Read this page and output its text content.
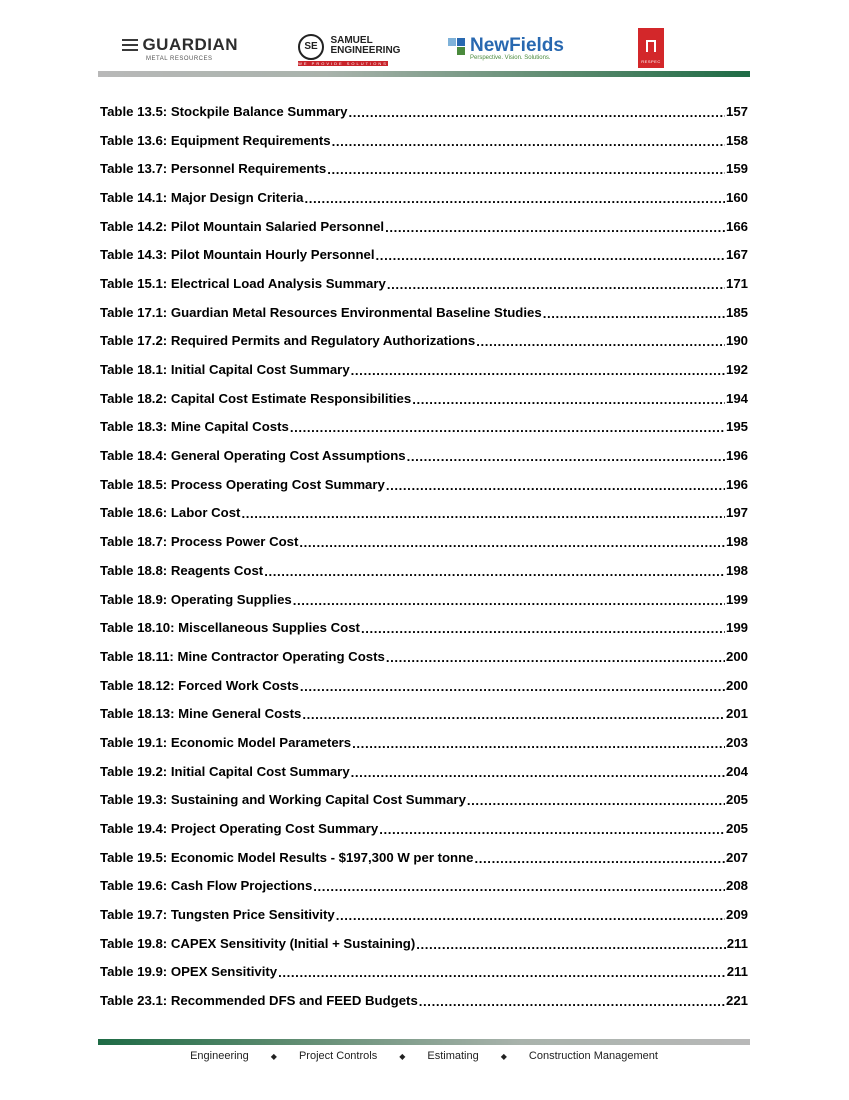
GUARDIAN
METAL RESOURCES
SE SAMUEL ENGINEERING
WE PROVIDE SOLUTIONS
NewFields
Perspective. Vision. Solutions.
RESPEC
Table 13.5: Stockpile Balance Summary .....	157
Table 13.6: Equipment Requirements .....	158
Table 13.7: Personnel Requirements .....	159
Table 14.1: Major Design Criteria .....	160
Table 14.2: Pilot Mountain Salaried Personnel .....	166
Table 14.3: Pilot Mountain Hourly Personnel .....	167
Table 15.1: Electrical Load Analysis Summary .....	171
Table 17.1: Guardian Metal Resources Environmental Baseline Studies .....	185
Table 17.2: Required Permits and Regulatory Authorizations .....	190
Table 18.1: Initial Capital Cost Summary .....	192
Table 18.2: Capital Cost Estimate Responsibilities .....	194
Table 18.3: Mine Capital Costs .....	195
Table 18.4: General Operating Cost Assumptions .....	196
Table 18.5: Process Operating Cost Summary .....	196
Table 18.6: Labor Cost .....	197
Table 18.7: Process Power Cost .....	198
Table 18.8: Reagents Cost .....	198
Table 18.9: Operating Supplies .....	199
Table 18.10: Miscellaneous Supplies Cost .....	199
Table 18.11: Mine Contractor Operating Costs .....	200
Table 18.12: Forced Work Costs .....	200
Table 18.13: Mine General Costs .....	201
Table 19.1: Economic Model Parameters .....	203
Table 19.2: Initial Capital Cost Summary .....	204
Table 19.3: Sustaining and Working Capital Cost Summary .....	205
Table 19.4: Project Operating Cost Summary .....	205
Table 19.5: Economic Model Results - $197,300 W per tonne .....	207
Table 19.6: Cash Flow Projections .....	208
Table 19.7: Tungsten Price Sensitivity .....	209
Table 19.8: CAPEX Sensitivity (Initial + Sustaining) .....	211
Table 19.9: OPEX Sensitivity .....	211
Table 23.1: Recommended DFS and FEED Budgets .....	221
Engineering	◆ Project Controls	◆ Estimating	◆ Construction Management
